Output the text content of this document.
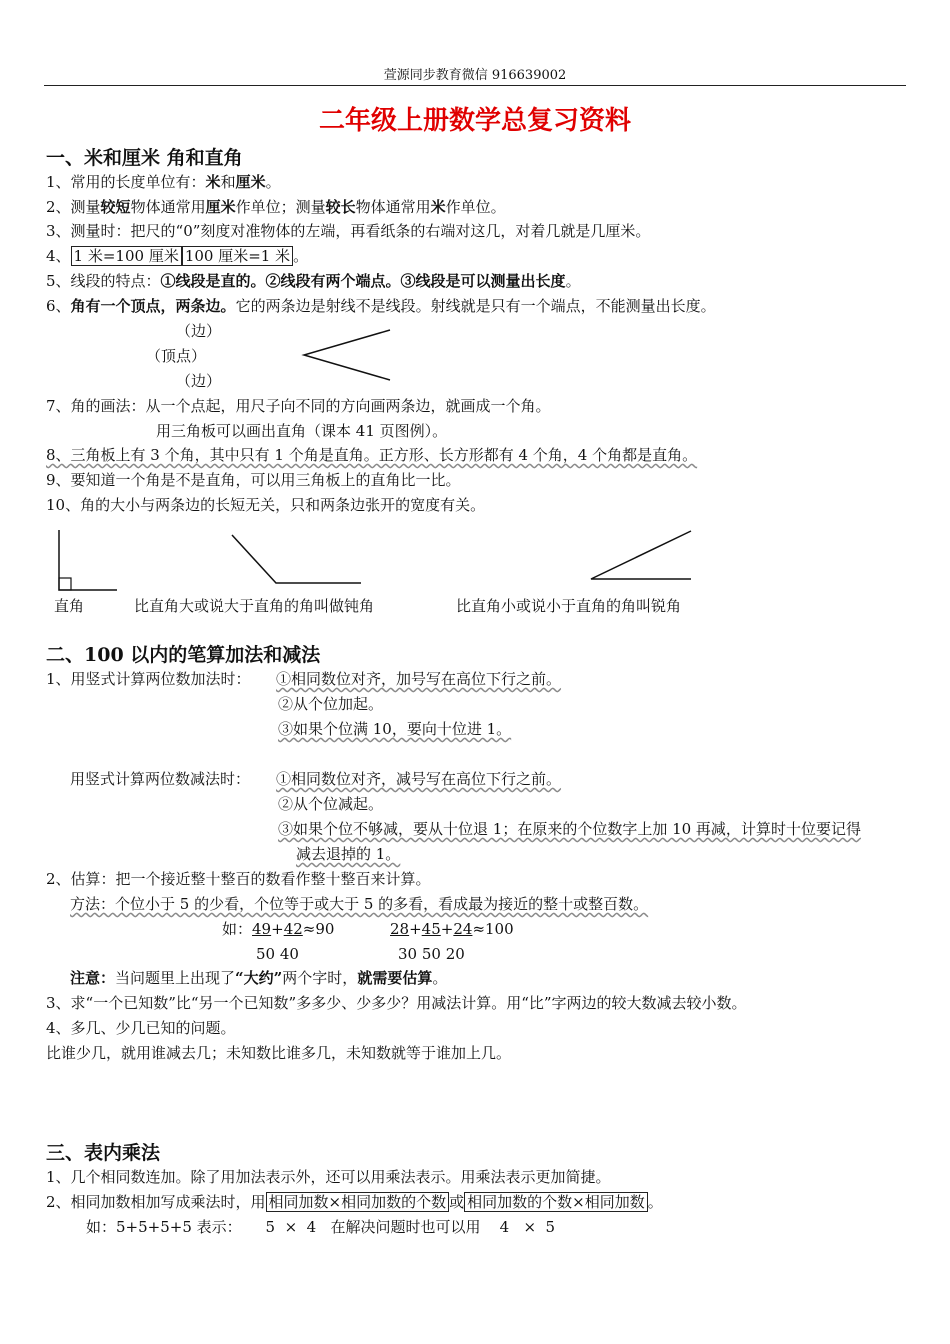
萱源同步教育微信 916639002
二年级上册数学总复习资料
一、米和厘米 角和直角
1、常用的长度单位有：米和厘米。
2、测量较短物体通常用厘米作单位；测量较长物体通常用米作单位。
3、测量时：把尺的“0”刻度对准物体的左端，再看纸条的右端对这几，对着几就是几厘米。
4、 1 米=100 厘米 100 厘米=1 米 。
5、线段的特点：①线段是直的。②线段有两个端点。③线段是可以测量出长度。
6、角有一个顶点，两条边。它的两条边是射线不是线段。射线就是只有一个端点，不能测量出长度。
（边）
（顶点）
（边）
7、角的画法：从一个点起，用尺子向不同的方向画两条边，就画成一个角。
用三角板可以画出直角（课本 41 页图例）。
8、三角板上有 3 个角，其中只有 1 个角是直角。正方形、长方形都有 4 个角，4 个角都是直角。
9、要知道一个角是不是直角，可以用三角板上的直角比一比。
10、角的大小与两条边的长短无关，只和两条边张开的宽度有关。
直角	比直角大或说大于直角的角叫做钝角	比直角小或说小于直角的角叫锐角
二、100 以内的笔算加法和减法
1、用竖式计算两位数加法时： ①相同数位对齐，加号写在高位下行之前。
②从个位加起。
③如果个位满 10，要向十位进 1。
用竖式计算两位数减法时： ①相同数位对齐，减号写在高位下行之前。
②从个位减起。
③如果个位不够减，要从十位退 1；在原来的个位数字上加 10 再减，计算时十位要记得
减去退掉的 1。
2、估算：把一个接近整十整百的数看作整十整百来计算。
方法：个位小于 5 的少看，个位等于或大于 5 的多看，看成最为接近的整十或整百数。
如：49+42≈90	28+45+24≈100
50 40	30 50 20
注意：当问题里上出现了“大约”两个字时，就需要估算。
3、求“一个已知数”比“另一个已知数”多多少、少多少？用减法计算。用“比”字两边的较大数减去较小数。
4、多几、少几已知的问题。
比谁少几，就用谁减去几；未知数比谁多几，未知数就等于谁加上几。
三、表内乘法
1、几个相同数连加。除了用加法表示外，还可以用乘法表示。用乘法表示更加简捷。
2、相同加数相加写成乘法时，用 相同加数×相同加数的个数 或 相同加数的个数×相同加数 。
如：5+5+5+5 表示：     5  ×  4   在解决问题时也可以用    4   ×  5
